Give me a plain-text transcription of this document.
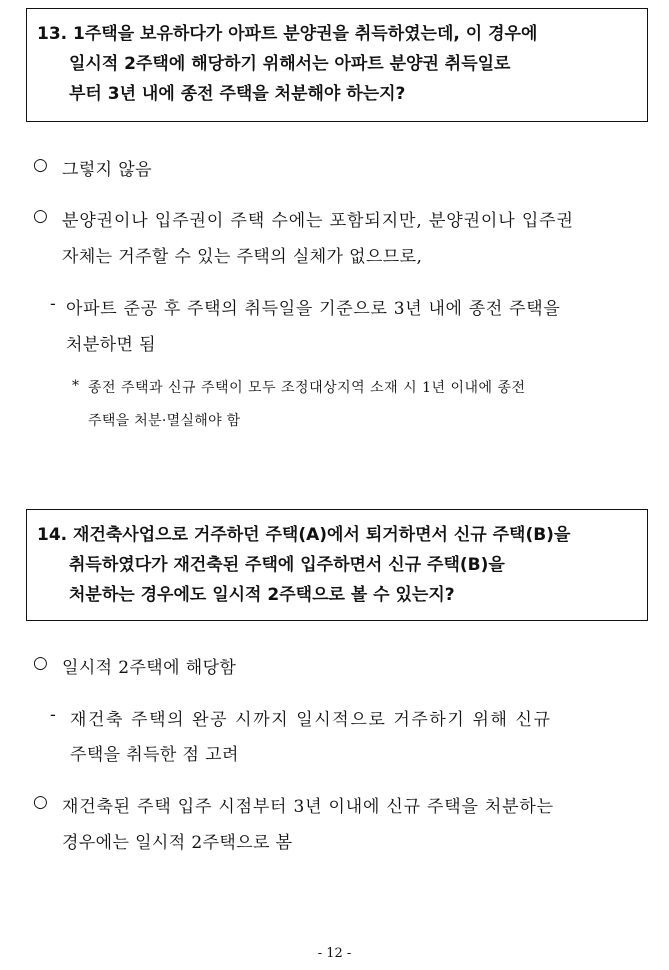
13. 1주택을 보유하다가 아파트 분양권을 취득하였는데, 이 경우에
일시적 2주택에 해당하기 위해서는 아파트 분양권 취득일로
부터 3년 내에 종전 주택을 처분해야 하는지?
○ 그렇지 않음
○ 분양권이나 입주권이 주택 수에는 포함되지만, 분양권이나 입주권
자체는 거주할 수 있는 주택의 실체가 없으므로,
- 아파트 준공 후 주택의 취득일을 기준으로 3년 내에 종전 주택을
처분하면 됨
* 종전 주택과 신규 주택이 모두 조정대상지역 소재 시 1년 이내에 종전
주택을 처분·멸실해야 함
14. 재건축사업으로 거주하던 주택(A)에서 퇴거하면서 신규 주택(B)을
취득하였다가 재건축된 주택에 입주하면서 신규 주택(B)을
처분하는 경우에도 일시적 2주택으로 볼 수 있는지?
○ 일시적 2주택에 해당함
- 재건축 주택의 완공 시까지 일시적으로 거주하기 위해 신규
주택을 취득한 점 고려
○ 재건축된 주택 입주 시점부터 3년 이내에 신규 주택을 처분하는
경우에는 일시적 2주택으로 봄
- 12 -
